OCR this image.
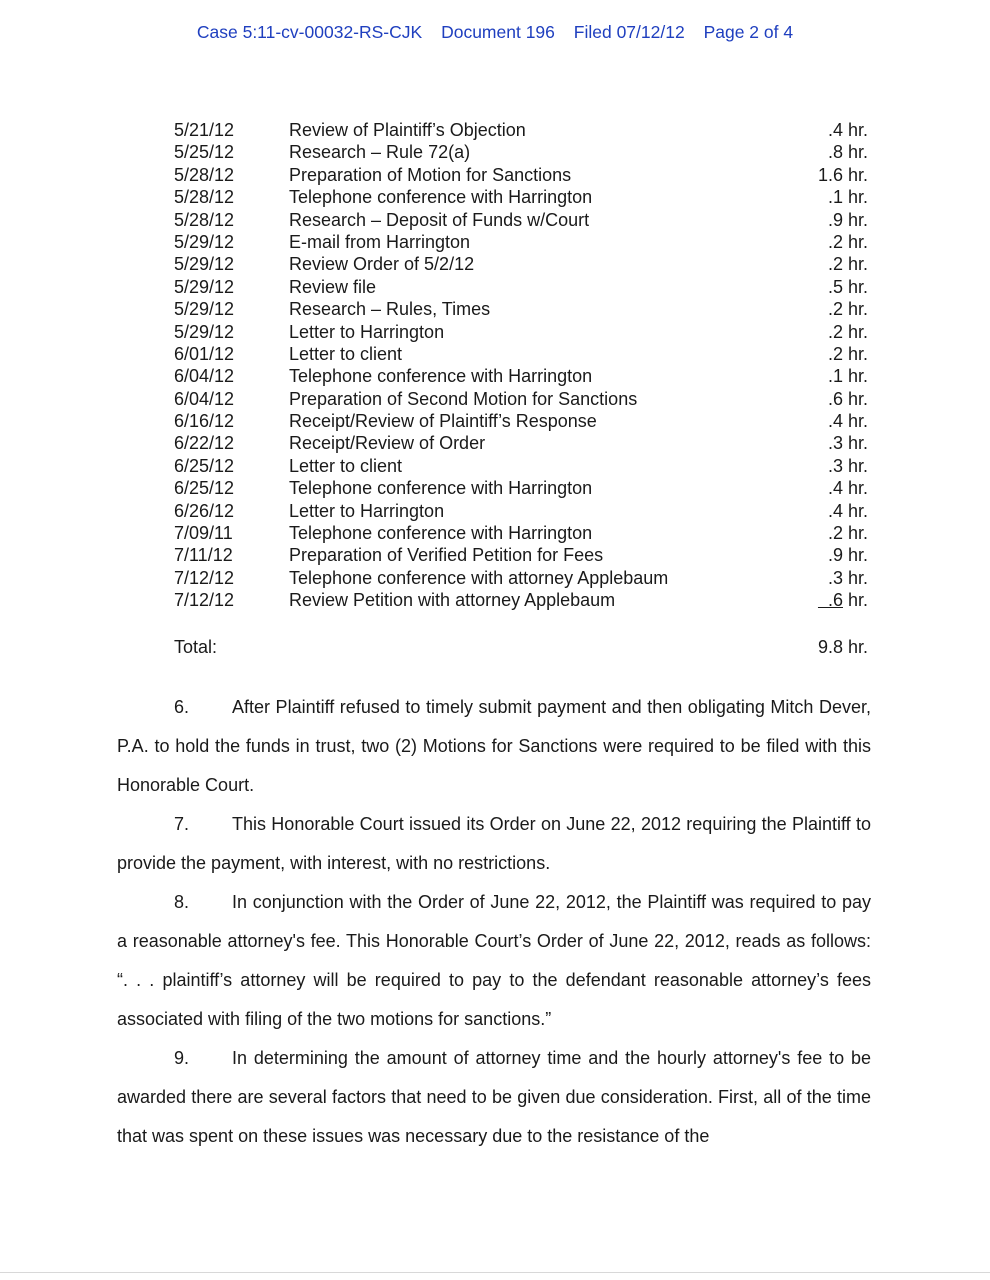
Case 5:11-cv-00032-RS-CJK Document 196 Filed 07/12/12 Page 2 of 4
5/21/12	Review of Plaintiff’s Objection	.4 hr.
5/25/12	Research – Rule 72(a)	.8 hr.
5/28/12	Preparation of Motion for Sanctions	1.6 hr.
5/28/12	Telephone conference with Harrington	.1 hr.
5/28/12	Research – Deposit of Funds w/Court	.9 hr.
5/29/12	E-mail from Harrington	.2 hr.
5/29/12	Review Order of 5/2/12	.2 hr.
5/29/12	Review file	.5 hr.
5/29/12	Research – Rules, Times	.2 hr.
5/29/12	Letter to Harrington	.2 hr.
6/01/12	Letter to client	.2 hr.
6/04/12	Telephone conference with Harrington	.1 hr.
6/04/12	Preparation of Second Motion for Sanctions	.6 hr.
6/16/12	Receipt/Review of Plaintiff’s Response	.4 hr.
6/22/12	Receipt/Review of Order	.3 hr.
6/25/12	Letter to client	.3 hr.
6/25/12	Telephone conference with Harrington	.4 hr.
6/26/12	Letter to Harrington	.4 hr.
7/09/11	Telephone conference with Harrington	.2 hr.
7/11/12	Preparation of Verified Petition for Fees	.9 hr.
7/12/12	Telephone conference with attorney Applebaum	.3 hr.
7/12/12	Review Petition with attorney Applebaum	.6 hr.
Total:	9.8 hr.

6. After Plaintiff refused to timely submit payment and then obligating Mitch Dever, P.A. to hold the funds in trust, two (2) Motions for Sanctions were required to be filed with this Honorable Court.

7. This Honorable Court issued its Order on June 22, 2012 requiring the Plaintiff to provide the payment, with interest, with no restrictions.

8. In conjunction with the Order of June 22, 2012, the Plaintiff was required to pay a reasonable attorney's fee. This Honorable Court’s Order of June 22, 2012, reads as follows: “. . . plaintiff’s attorney will be required to pay to the defendant reasonable attorney’s fees associated with filing of the two motions for sanctions.”

9. In determining the amount of attorney time and the hourly attorney's fee to be awarded there are several factors that need to be given due consideration. First, all of the time that was spent on these issues was necessary due to the resistance of the
